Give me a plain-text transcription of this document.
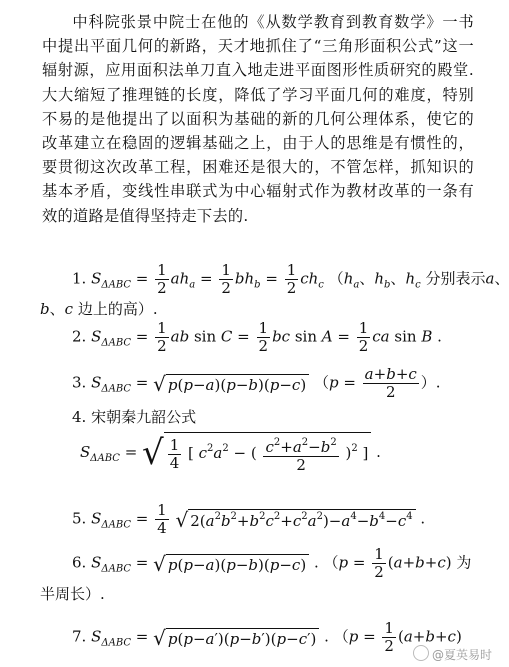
中科院张景中院士在他的《从数学教育到教育数学》一书中提出平面几何的新路，天才地抓住了“三角形面积公式”这一辐射源，应用面积法单刀直入地走进平面图形性质研究的殿堂. 大大缩短了推理链的长度，降低了学习平面几何的难度，特别不易的是他提出了以面积为基础的新的几何公理体系，使它的改革建立在稳固的逻辑基础之上，由于人的思维是有惯性的，要贯彻这次改革工程，困难还是很大的，不管怎样，抓知识的基本矛盾，变线性串联式为中心辐射式作为教材改革的一条有效的道路是值得坚持走下去的.

1. $S_{\Delta ABC} = \frac{1}{2} ah_a = \frac{1}{2} bh_b = \frac{1}{2} ch_c$ （$h_a$、$h_b$、$h_c$ 分别表示a、
b、c 边上的高）.
2. $S_{\Delta ABC} = \frac{1}{2}$ ab $\sin C = \frac{1}{2}$ bc $\sin A = \frac{1}{2}$ ca sin B .
3. $S_{\Delta ABC}$ = √ p(p−a)(p−b)(p−c) （$p = \frac{a+b+c}{2}$ ）.
4. 宋朝秦九韶公式
$S_{\Delta ABC}$ = √ $\frac{1}{4}$ [ $c^2a^2$ − ( $\frac{c^2+a^2-b^2}{2} )^2$ ] .
5. $S_{\Delta ABC} = \frac{1}{4}$ √ $2(a^2b^2+b^2c^2+c^2a^2)-a^4-b^4-c^4$ .
6. $S_{\Delta ABC}$ = √ p(p−a)(p−b)(p−c) . （$p = \frac{1}{2} (a+b+c)$ 为
半周长）.
7. $S_{\Delta ABC}$ = √ p(p−a′)(p−b′)(p−c′) . （$p = \frac{1}{2} (a+b+c)$
@夏英易时
